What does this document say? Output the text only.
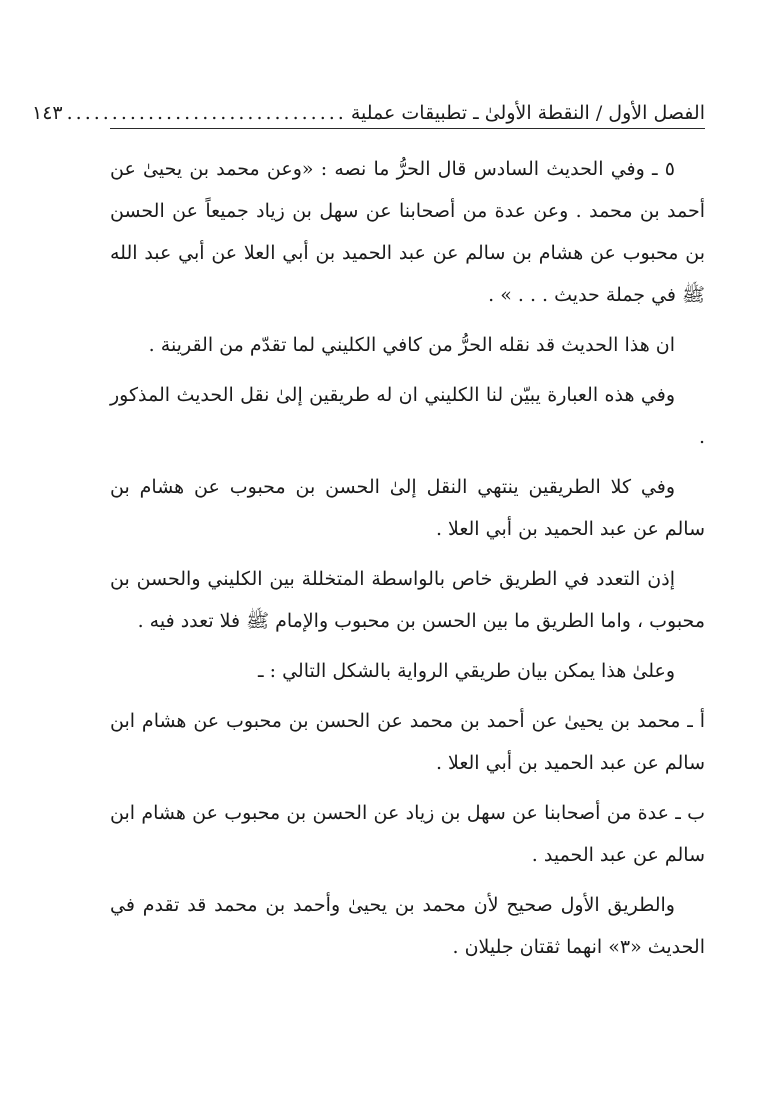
الفصل الأول / النقطة الأولىٰ ـ تطبيقات عملية
...............................
١٤٣

٥ ـ وفي الحديث السادس قال الحرُّ ما نصه : «وعن محمد بن يحيىٰ عن أحمد بن محمد . وعن عدة من أصحابنا عن سهل بن زياد جميعاً عن الحسن بن محبوب عن هشام بن سالم عن عبد الحميد بن أبي العلا عن أبي عبد الله ﷺ في جملة حديث . . . » .

ان هذا الحديث قد نقله الحرُّ من كافي الكليني لما تقدّم من القرينة .

وفي هذه العبارة يبيّن لنا الكليني ان له طريقين إلىٰ نقل الحديث المذكور .

وفي كلا الطريقين ينتهي النقل إلىٰ الحسن بن محبوب عن هشام بن سالم عن عبد الحميد بن أبي العلا .

إذن التعدد في الطريق خاص بالواسطة المتخللة بين الكليني والحسن بن محبوب ، واما الطريق ما بين الحسن بن محبوب والإمام ﷺ فلا تعدد فيه .

وعلىٰ هذا يمكن بيان طريقي الرواية بالشكل التالي : ـ

أ ـ محمد بن يحيىٰ عن أحمد بن محمد عن الحسن بن محبوب عن هشام ابن سالم عن عبد الحميد بن أبي العلا .

ب ـ عدة من أصحابنا عن سهل بن زياد عن الحسن بن محبوب عن هشام ابن سالم عن عبد الحميد .

والطريق الأول صحيح لأن محمد بن يحيىٰ وأحمد بن محمد قد تقدم في الحديث «٣» انهما ثقتان جليلان .
